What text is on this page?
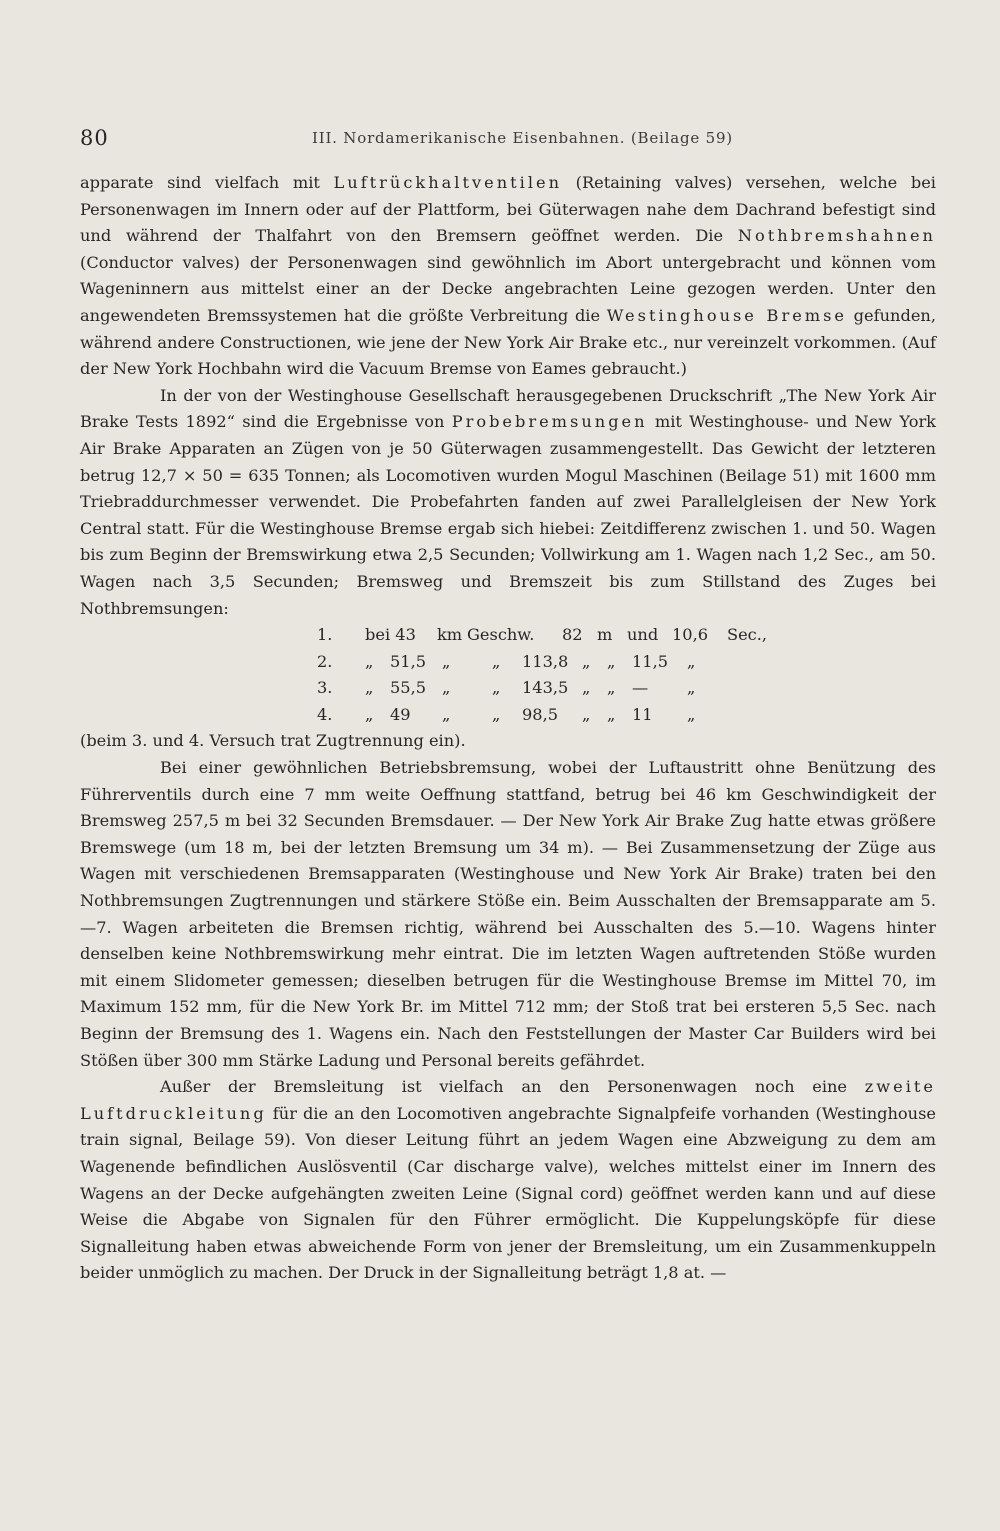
80	III. Nordamerikanische Eisenbahnen. (Beilage 59)

apparate sind vielfach mit Luftrückhaltventilen (Retaining valves) versehen, welche bei Personenwagen im Innern oder auf der Plattform, bei Güterwagen nahe dem Dachrand befestigt sind und während der Thalfahrt von den Bremsern geöffnet werden. Die Nothbremshahnen (Conductor valves) der Personenwagen sind gewöhnlich im Abort untergebracht und können vom Wageninnern aus mittelst einer an der Decke angebrachten Leine gezogen werden. Unter den angewendeten Bremssystemen hat die größte Verbreitung die Westinghouse Bremse gefunden, während andere Constructionen, wie jene der New York Air Brake etc., nur vereinzelt vorkommen. (Auf der New York Hochbahn wird die Vacuum Bremse von Eames gebraucht.)

In der von der Westinghouse Gesellschaft herausgegebenen Druckschrift „The New York Air Brake Tests 1892“ sind die Ergebnisse von Probebremsungen mit Westinghouse- und New York Air Brake Apparaten an Zügen von je 50 Güterwagen zusammengestellt. Das Gewicht der letzteren betrug 12,7 × 50 = 635 Tonnen; als Locomotiven wurden Mogul Maschinen (Beilage 51) mit 1600 mm Triebraddurchmesser verwendet. Die Probefahrten fanden auf zwei Parallelgleisen der New York Central statt. Für die Westinghouse Bremse ergab sich hiebei: Zeitdifferenz zwischen 1. und 50. Wagen bis zum Beginn der Bremswirkung etwa 2,5 Secunden; Vollwirkung am 1. Wagen nach 1,2 Sec., am 50. Wagen nach 3,5 Secunden; Bremsweg und Bremszeit bis zum Stillstand des Zuges bei Nothbremsungen:

1.	bei 43	km Geschw.	82 m und 10,6	Sec.,
2.	„	51,5 „	„	113,8 „	„	11,5	„
3.	„	55,5 „	„	143,5 „	„	—	„
4.	„	49	„	„	98,5	„	„	11	„

(beim 3. und 4. Versuch trat Zugtrennung ein).

Bei einer gewöhnlichen Betriebsbremsung, wobei der Luftaustritt ohne Benützung des Führerventils durch eine 7 mm weite Oeffnung stattfand, betrug bei 46 km Geschwindigkeit der Bremsweg 257,5 m bei 32 Secunden Bremsdauer. — Der New York Air Brake Zug hatte etwas größere Bremswege (um 18 m, bei der letzten Bremsung um 34 m). — Bei Zusammensetzung der Züge aus Wagen mit verschiedenen Bremsapparaten (Westinghouse und New York Air Brake) traten bei den Nothbremsungen Zugtrennungen und stärkere Stöße ein. Beim Ausschalten der Bremsapparate am 5.—7. Wagen arbeiteten die Bremsen richtig, während bei Ausschalten des 5.—10. Wagens hinter denselben keine Nothbremswirkung mehr eintrat. Die im letzten Wagen auftretenden Stöße wurden mit einem Slidometer gemessen; dieselben betrugen für die Westinghouse Bremse im Mittel 70, im Maximum 152 mm, für die New York Br. im Mittel 712 mm; der Stoß trat bei ersteren 5,5 Sec. nach Beginn der Bremsung des 1. Wagens ein. Nach den Feststellungen der Master Car Builders wird bei Stößen über 300 mm Stärke Ladung und Personal bereits gefährdet.

Außer der Bremsleitung ist vielfach an den Personenwagen noch eine zweite Luftdruckleitung für die an den Locomotiven angebrachte Signalpfeife vorhanden (Westinghouse train signal, Beilage 59). Von dieser Leitung führt an jedem Wagen eine Abzweigung zu dem am Wagenende befindlichen Auslösventil (Car discharge valve), welches mittelst einer im Innern des Wagens an der Decke aufgehängten zweiten Leine (Signal cord) geöffnet werden kann und auf diese Weise die Abgabe von Signalen für den Führer ermöglicht. Die Kuppelungsköpfe für diese Signalleitung haben etwas abweichende Form von jener der Bremsleitung, um ein Zusammenkuppeln beider unmöglich zu machen. Der Druck in der Signalleitung beträgt 1,8 at. —
